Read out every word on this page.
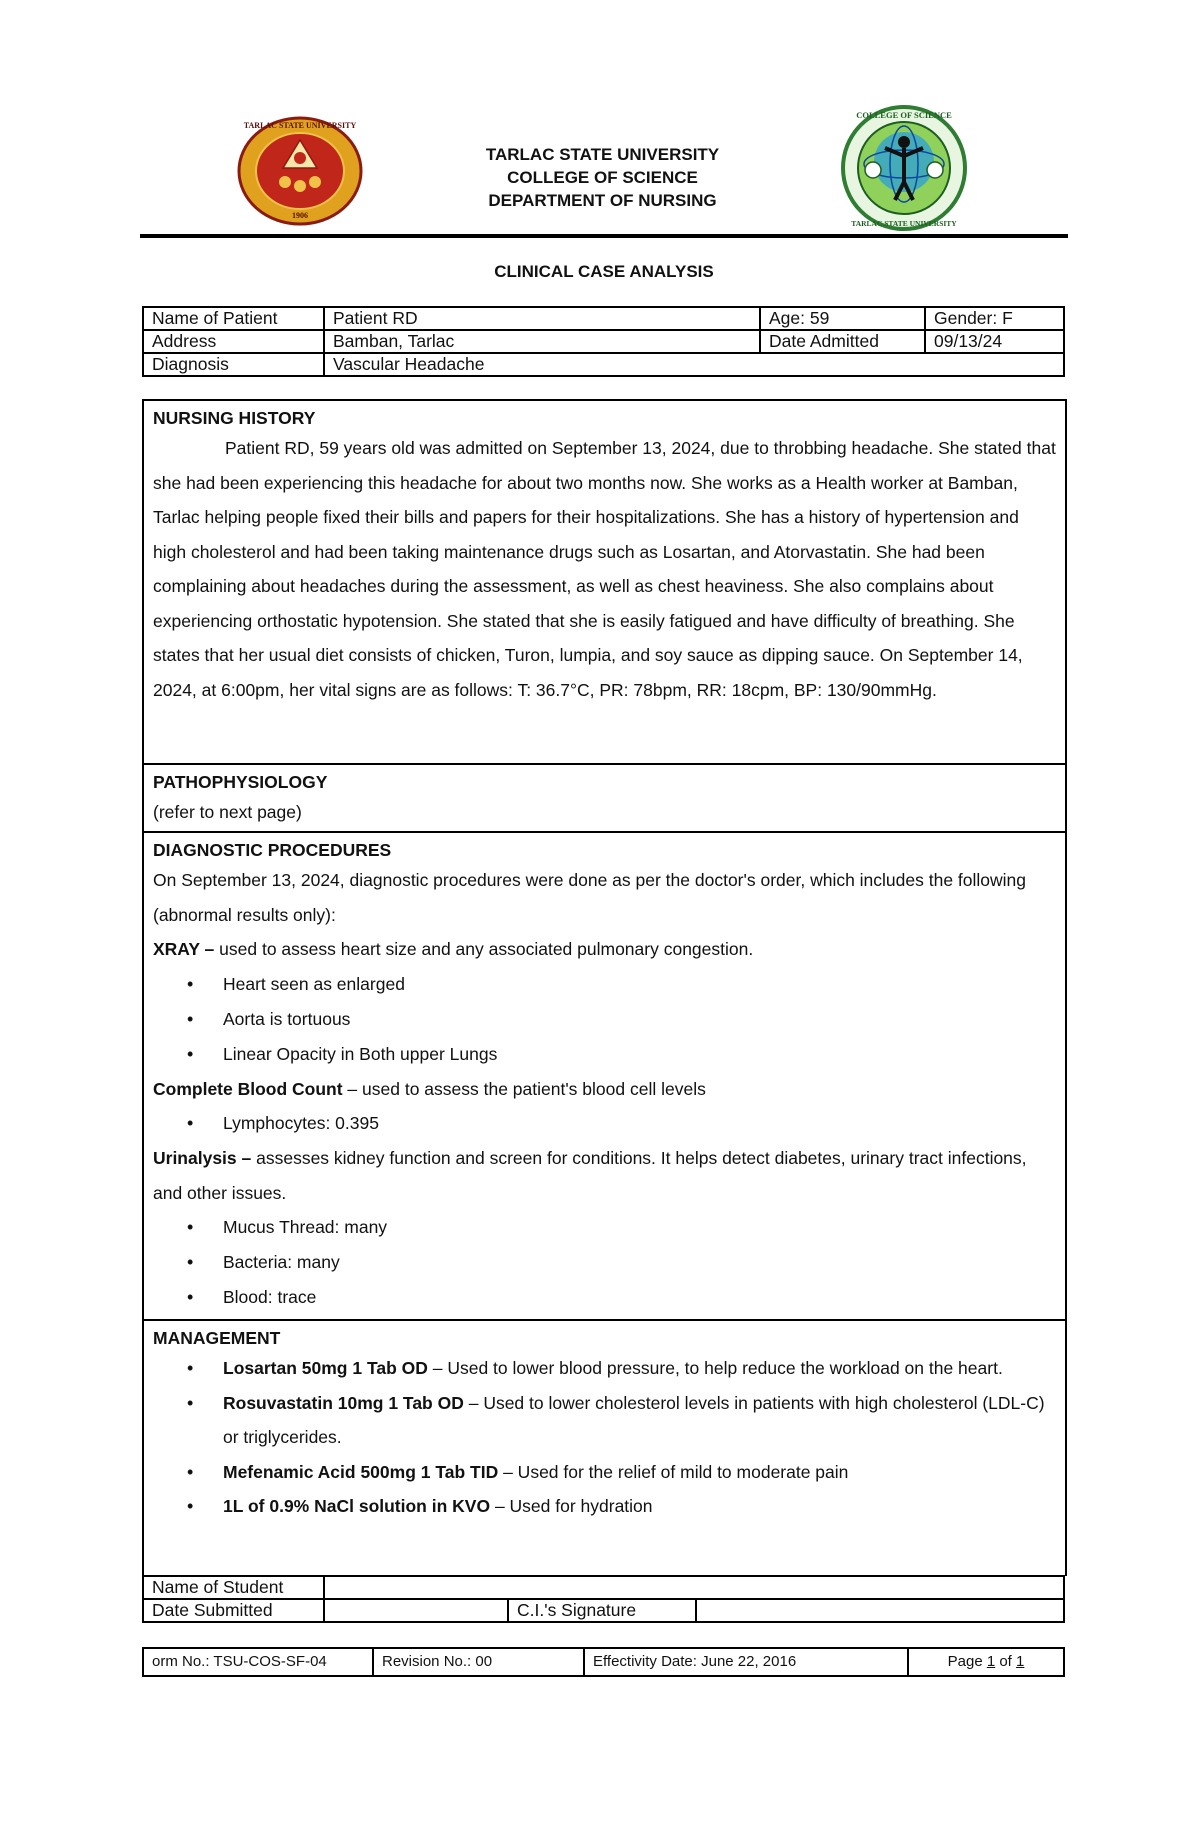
TARLAC STATE UNIVERSITY
1906
COLLEGE OF SCIENCE
TARLAC STATE UNIVERSITY
TARLAC STATE UNIVERSITY
COLLEGE OF SCIENCE
DEPARTMENT OF NURSING
CLINICAL CASE ANALYSIS
Name of Patient	Patient RD	Age: 59	Gender: F
Address	Bamban, Tarlac	Date Admitted	09/13/24
Diagnosis	Vascular Headache		
NURSING HISTORY

Patient RD, 59 years old was admitted on September 13, 2024, due to throbbing headache. She stated that she had been experiencing this headache for about two months now. She works as a Health worker at Bamban, Tarlac helping people fixed their bills and papers for their hospitalizations. She has a history of hypertension and high cholesterol and had been taking maintenance drugs such as Losartan, and Atorvastatin. She had been complaining about headaches during the assessment, as well as chest heaviness. She also complains about experiencing orthostatic hypotension. She stated that she is easily fatigued and have difficulty of breathing. She states that her usual diet consists of chicken, Turon, lumpia, and soy sauce as dipping sauce. On September 14, 2024, at 6:00pm, her vital signs are as follows: T: 36.7°C, PR: 78bpm, RR: 18cpm, BP: 130/90mmHg.

PATHOPHYSIOLOGY

(refer to next page)

DIAGNOSTIC PROCEDURES

On September 13, 2024, diagnostic procedures were done as per the doctor's order, which includes the following (abnormal results only):

XRAY – used to assess heart size and any associated pulmonary congestion.

• Heart seen as enlarged
• Aorta is tortuous
• Linear Opacity in Both upper Lungs

Complete Blood Count – used to assess the patient's blood cell levels

• Lymphocytes: 0.395

Urinalysis – assesses kidney function and screen for conditions. It helps detect diabetes, urinary tract infections, and other issues.

• Mucus Thread: many
• Bacteria: many
• Blood: trace
MANAGEMENT
• Losartan 50mg 1 Tab OD – Used to lower blood pressure, to help reduce the workload on the heart.
• Rosuvastatin 10mg 1 Tab OD – Used to lower cholesterol levels in patients with high cholesterol (LDL-C) or triglycerides.
• Mefenamic Acid 500mg 1 Tab TID – Used for the relief of mild to moderate pain
• 1L of 0.9% NaCl solution in KVO – Used for hydration
Name of Student			
Date Submitted		C.I.'s Signature	
orm No.: TSU-COS-SF-04	Revision No.: 00	Effectivity Date: June 22, 2016	Page 1 of 1
